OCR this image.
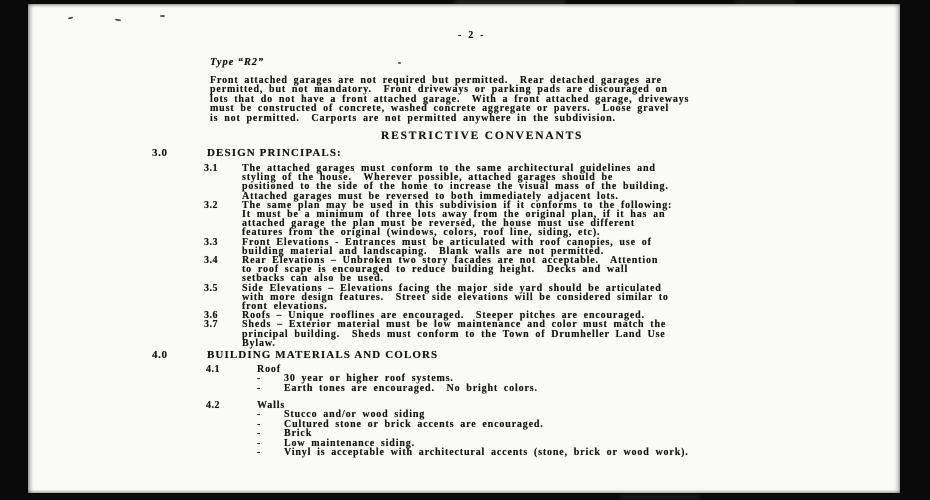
- 2 -
Type “R2”
Front attached garages are not required but permitted.  Rear detached garages are
permitted, but not mandatory.  Front driveways or parking pads are discouraged on
lots that do not have a front attached garage.  With a front attached garage, driveways
must be constructed of concrete, washed concrete aggregate or pavers.  Loose gravel
is not permitted.  Carports are not permitted anywhere in the subdivision.
RESTRICTIVE CONVENANTS
3.0	DESIGN PRINCIPALS:
3.1	The attached garages must conform to the same architectural guidelines and
styling of the house.  Wherever possible, attached garages should be
positioned to the side of the home to increase the visual mass of the building.
Attached garages must be reversed to both immediately adjacent lots.
3.2	The same plan may be used in this subdivision if it conforms to the following:
It must be a minimum of three lots away from the original plan, if it has an
attached garage the plan must be reversed, the house must use different
features from the original (windows, colors, roof line, siding, etc).
3.3	Front Elevations - Entrances must be articulated with roof canopies, use of
building material and landscaping.  Blank walls are not permitted.
3.4	Rear Elevations – Unbroken two story facades are not acceptable.  Attention
to roof scape is encouraged to reduce building height.  Decks and wall
setbacks can also be used.
3.5	Side Elevations – Elevations facing the major side yard should be articulated
with more design features.  Street side elevations will be considered similar to
front elevations.
3.6	Roofs – Unique rooflines are encouraged.  Steeper pitches are encouraged.
3.7	Sheds – Exterior material must be low maintenance and color must match the
principal building.  Sheds must conform to the Town of Drumheller Land Use
Bylaw.
4.0	BUILDING MATERIALS AND COLORS
4.1	Roof
-	30 year or higher roof systems.
-	Earth tones are encouraged.  No bright colors.
4.2	Walls
-	Stucco and/or wood siding
-	Cultured stone or brick accents are encouraged.
-	Brick
-	Low maintenance siding.
-	Vinyl is acceptable with architectural accents (stone, brick or wood work).
